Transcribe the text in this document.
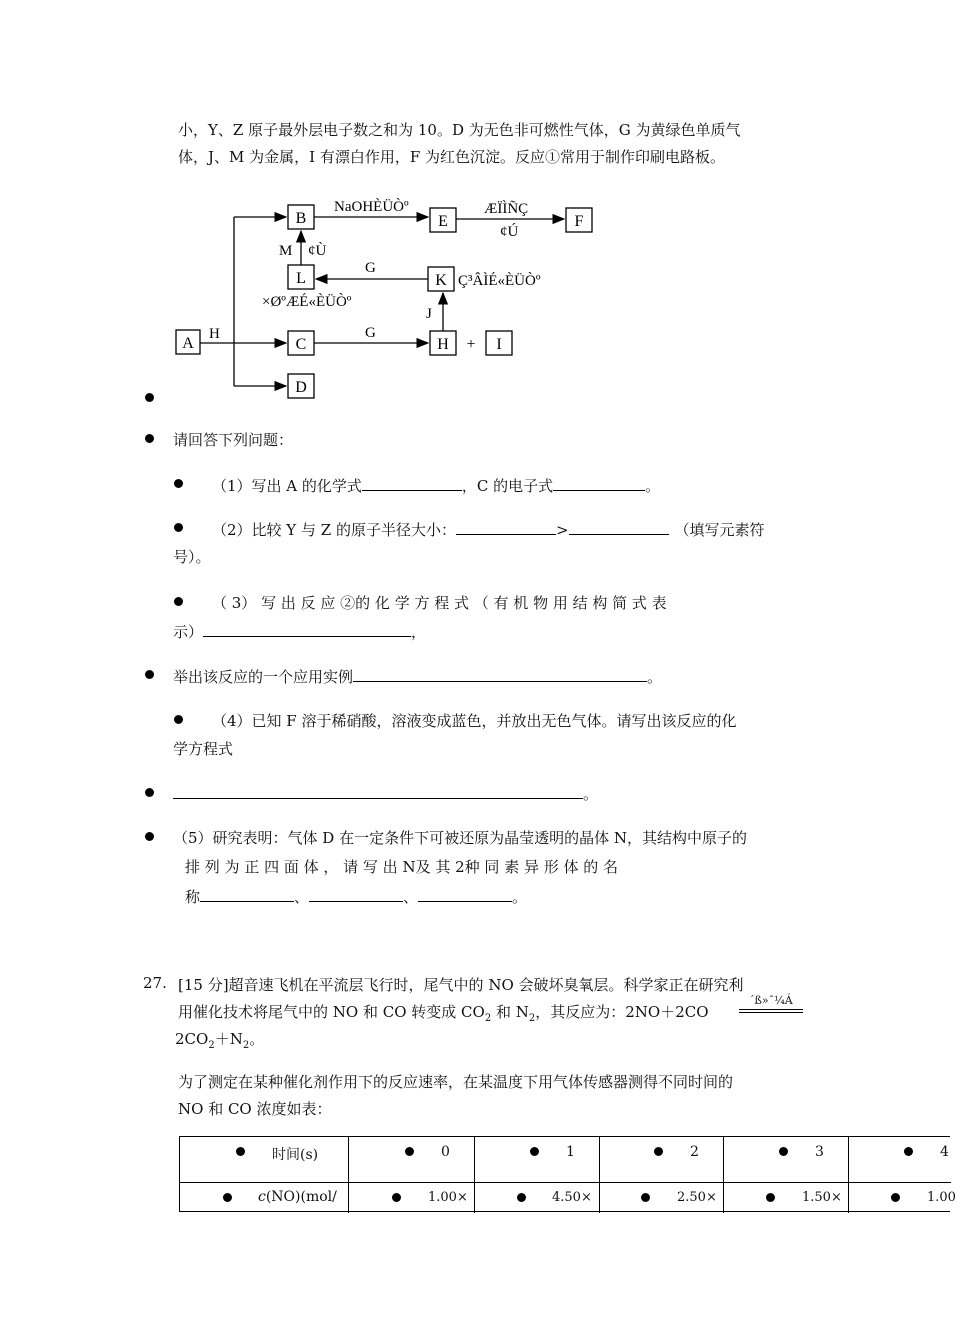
小，Y、Z 原子最外层电子数之和为 10。D 为无色非可燃性气体，G 为黄绿色单质气
体，J、M 为金属，I 有漂白作用，F 为红色沉淀。反应①常用于制作印刷电路板。
B	E	F
L	K
A	C	H	I
D
+
NaOHÈÜÒº	ÆÏÌÑÇ
¢Ú
M ¢Ù
G
Ç³ÂÌÉ«ÈÜÒº
×ØºÆÉ«ÈÜÒº
J
H	G
请回答下列问题：
（1）写出 A 的化学式	，C 的电子式	。
（2）比较 Y 与 Z 的原子半径大小：	>	（填写元素符
号）。
（ 3） 写 出 反 应 ②的 化 学 方 程 式 （ 有 机 物 用 结 构 简 式 表
示）	，
举出该反应的一个应用实例	。
（4）已知 F 溶于稀硝酸，溶液变成蓝色，并放出无色气体。请写出该反应的化
学方程式
。
（5）研究表明：气体 D 在一定条件下可被还原为晶莹透明的晶体 N，其结构中原子的
排 列 为 正 四 面 体 ， 请 写 出 N及 其 2种 同 素 异 形 体 的 名
称	、	、	。
27. [15 分]超音速飞机在平流层飞行时，尾气中的 NO 会破坏臭氧层。科学家正在研究利
用催化技术将尾气中的 NO 和 CO 转变成 $CO_2$ 和 $N_2$，其反应为：2NO＋2CO
´ß»¯¼Á
$2CO_2+N_2$。
为了测定在某种催化剂作用下的反应速率，在某温度下用气体传感器测得不同时间的
NO 和 CO 浓度如表：
时间(s)	0	1	2	3	4
c(NO)(mol/	1.00×	4.50×	2.50×	1.50×	1.00
